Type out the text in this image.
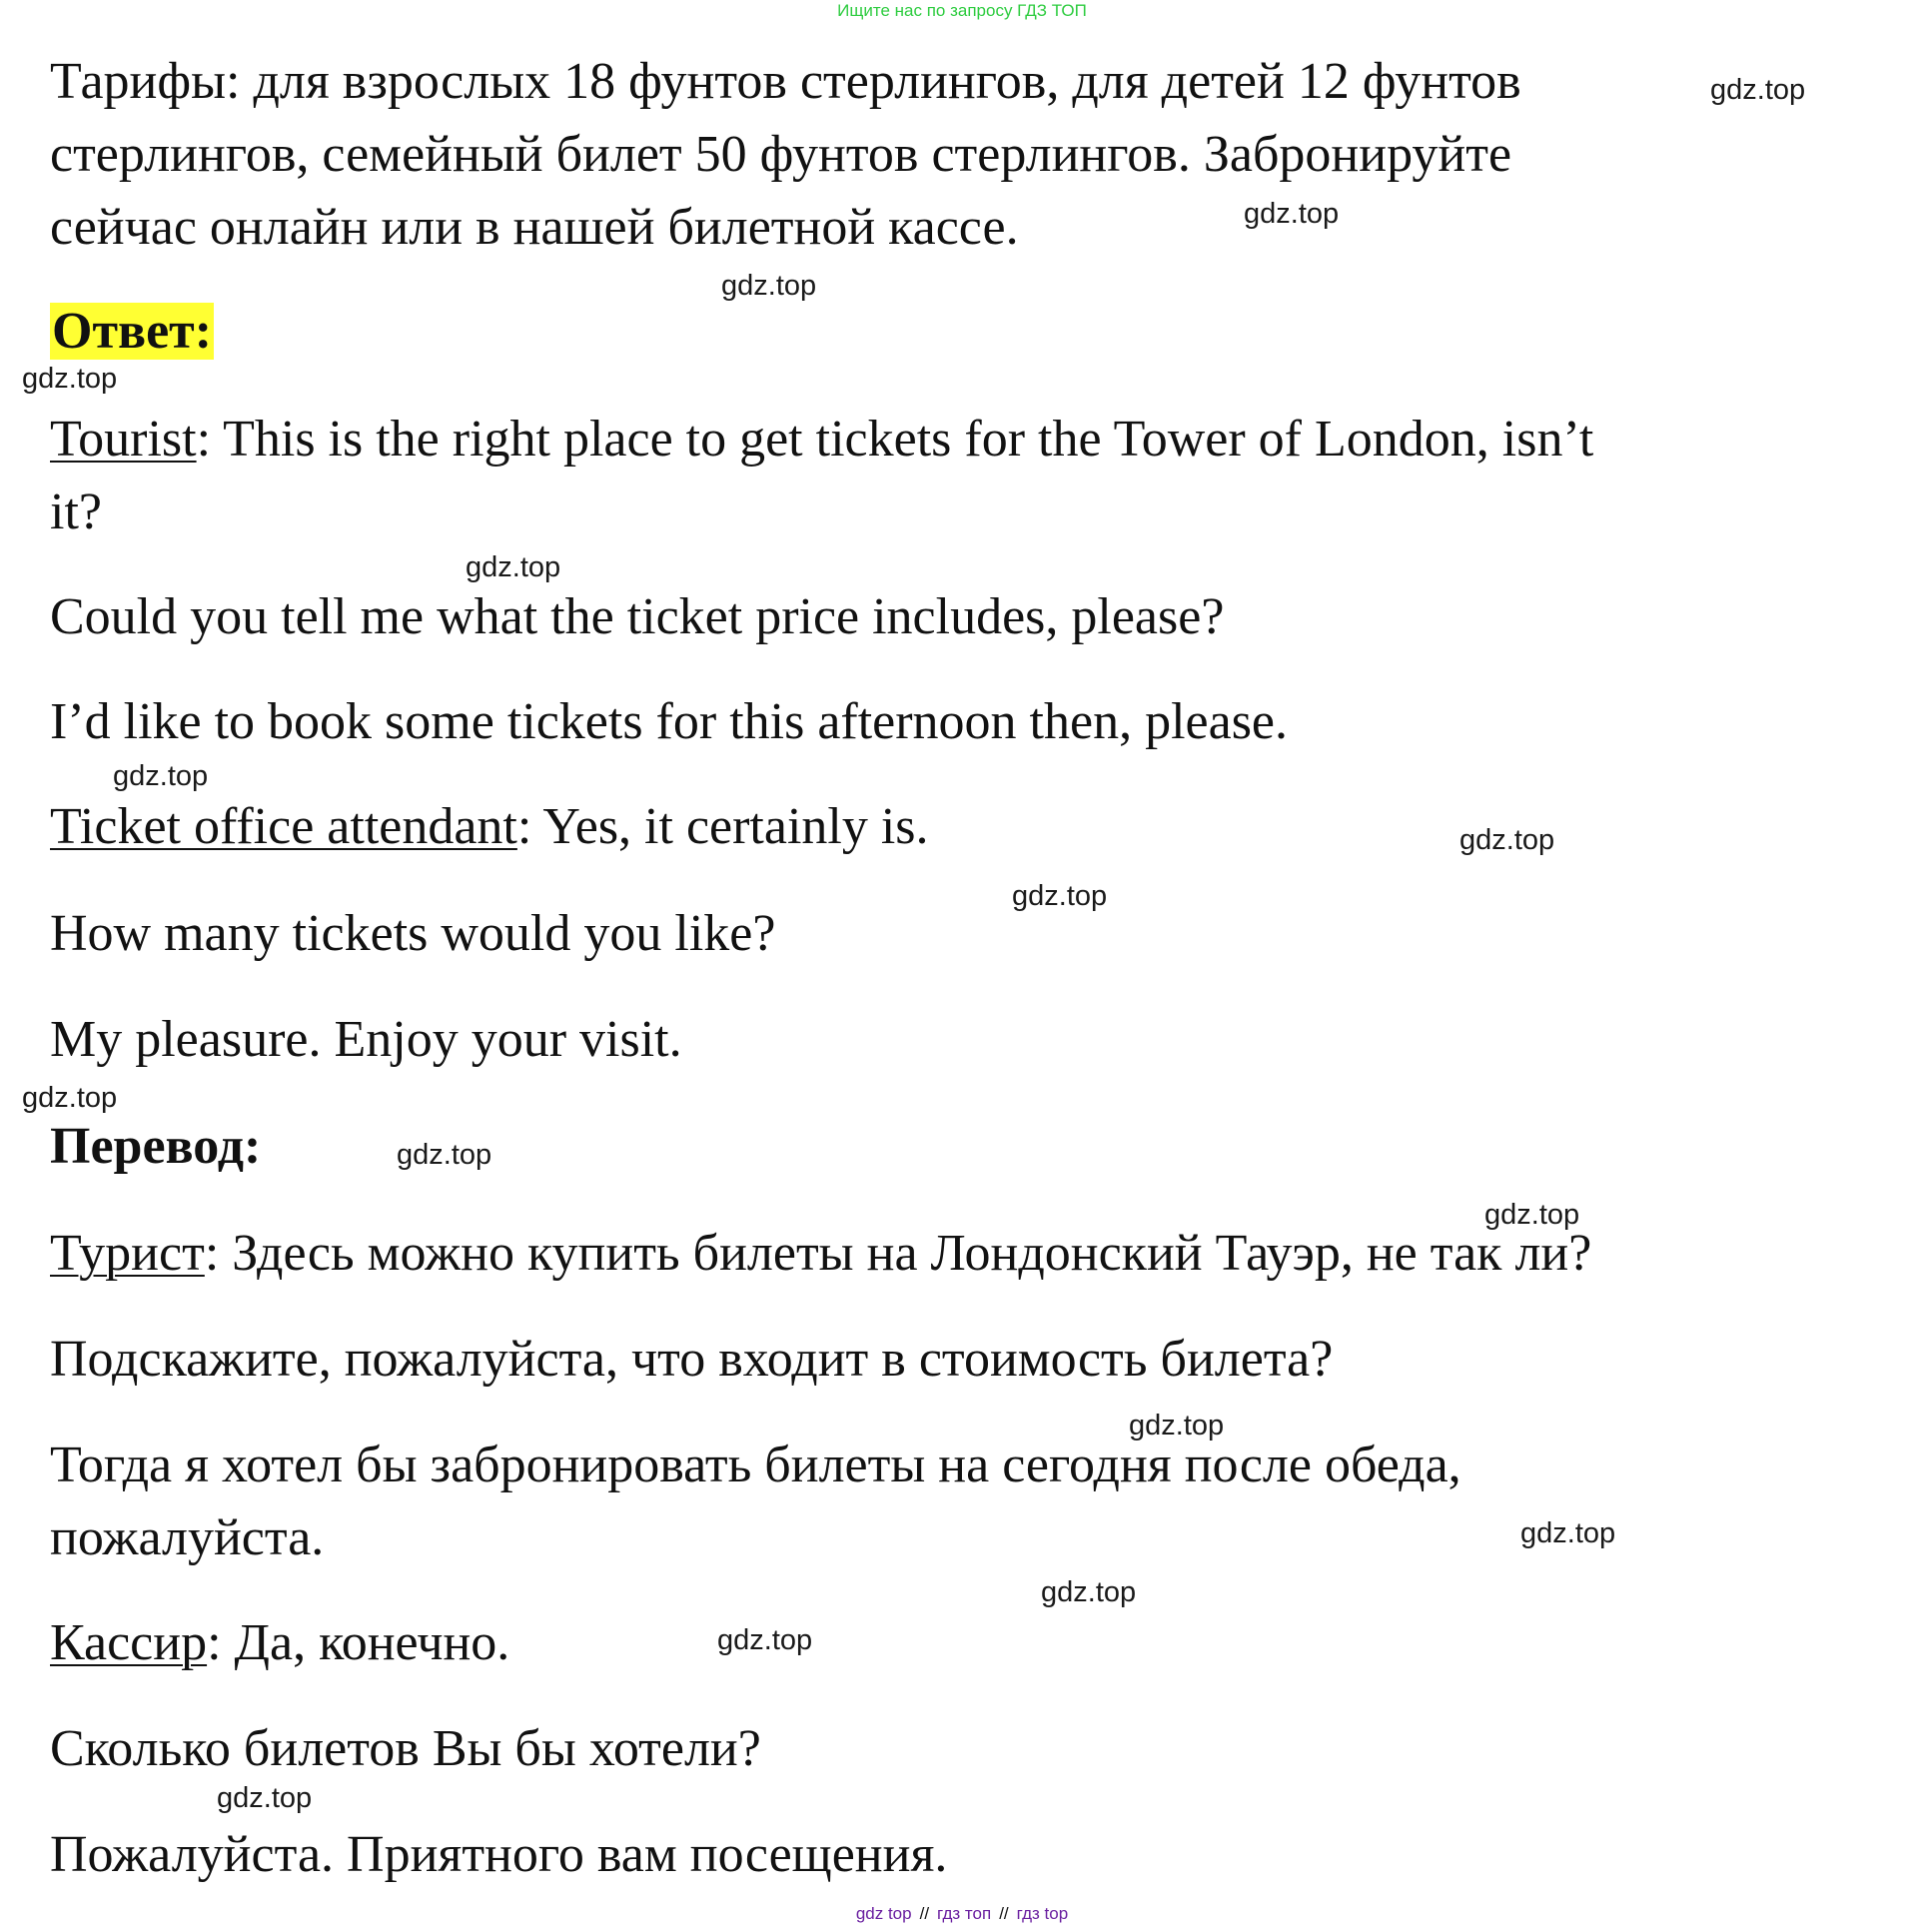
Ищите нас по запросу ГДЗ ТОП
Тарифы: для взрослых 18 фунтов стерлингов, для детей 12 фунтов
стерлингов, семейный билет 50 фунтов стерлингов. Забронируйте
сейчас онлайн или в нашей билетной кассе.
Ответ:
Tourist: This is the right place to get tickets for the Tower of London, isn’t
it?
Could you tell me what the ticket price includes, please?
I’d like to book some tickets for this afternoon then, please.
Ticket office attendant: Yes, it certainly is.
How many tickets would you like?
My pleasure. Enjoy your visit.
Перевод:
Турист: Здесь можно купить билеты на Лондонский Тауэр, не так ли?
Подскажите, пожалуйста, что входит в стоимость билета?
Тогда я хотел бы забронировать билеты на сегодня после обеда,
пожалуйста.
Кассир: Да, конечно.
Сколько билетов Вы бы хотели?
Пожалуйста. Приятного вам посещения.
gdz.top
gdz.top
gdz.top
gdz.top
gdz.top
gdz.top
gdz.top
gdz.top
gdz.top
gdz.top
gdz.top
gdz.top
gdz.top
gdz.top
gdz.top
gdz.top
gdz top // гдз топ // гдз top
